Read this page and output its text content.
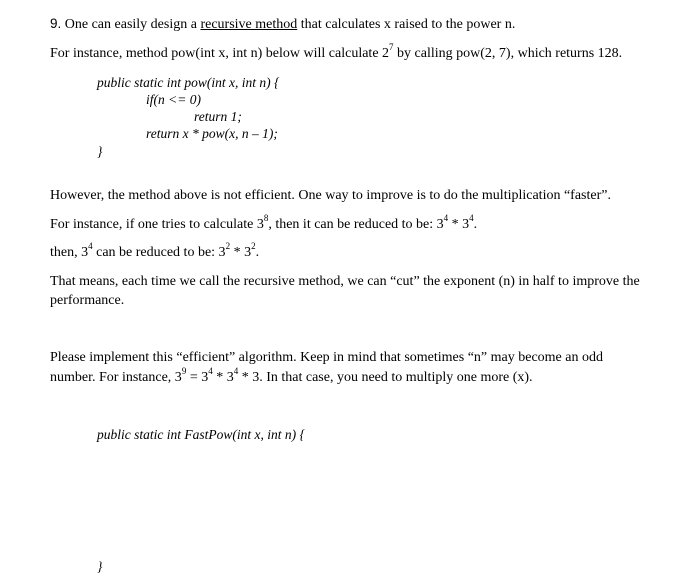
9. One can easily design a recursive method that calculates x raised to the power n.
For instance, method pow(int x, int n) below will calculate $2^7$ by calling pow(2, 7), which returns 128.
public static int pow(int x, int n) {
if(n <= 0)
return 1;
return x * pow(x, n – 1);
}
However, the method above is not efficient. One way to improve is to do the multiplication “faster”.
For instance, if one tries to calculate $3^8$, then it can be reduced to be: $3^4 * 3^4$.
then, $3^4$ can be reduced to be: $3^2 * 3^2$.
That means, each time we call the recursive method, we can “cut” the exponent (n) in half to improve the
performance.
Please implement this “efficient” algorithm. Keep in mind that sometimes “n” may become an odd
number. For instance, $3^9 = 3^4 * 3^4 * 3$. In that case, you need to multiply one more (x).
public static int FastPow(int x, int n) {
}
